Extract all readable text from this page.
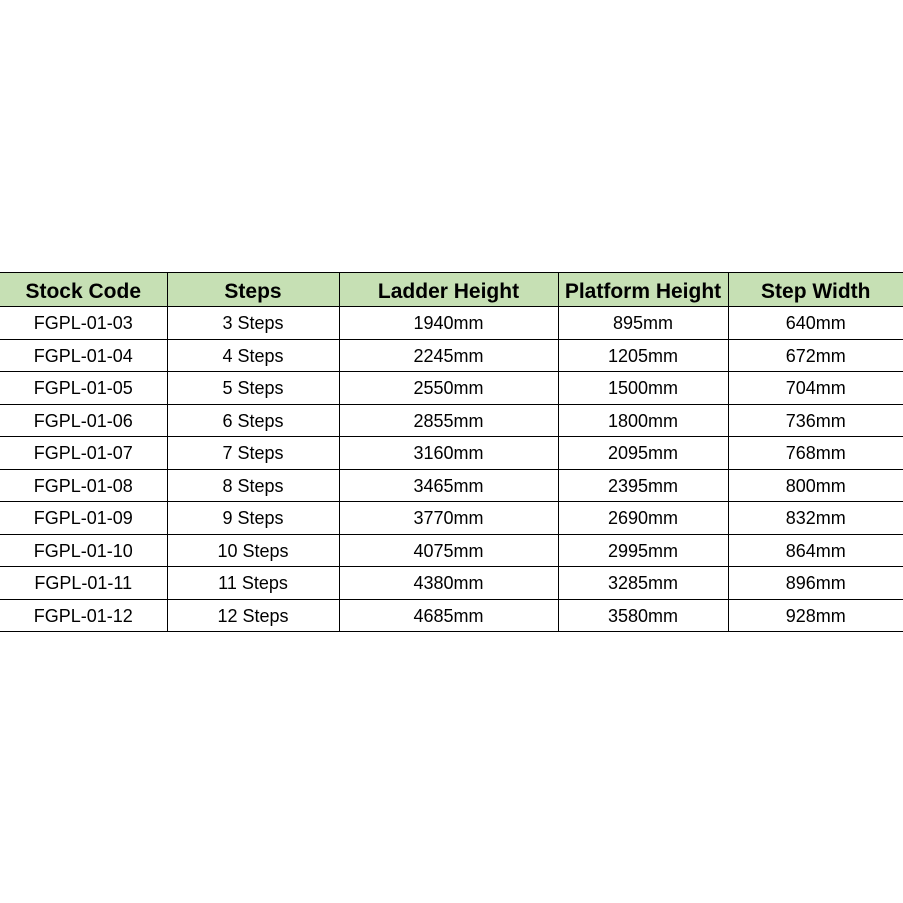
Stock Code	Steps	Ladder Height	Platform Height	Step Width
FGPL-01-03	3 Steps	1940mm	895mm	640mm
FGPL-01-04	4 Steps	2245mm	1205mm	672mm
FGPL-01-05	5 Steps	2550mm	1500mm	704mm
FGPL-01-06	6 Steps	2855mm	1800mm	736mm
FGPL-01-07	7 Steps	3160mm	2095mm	768mm
FGPL-01-08	8 Steps	3465mm	2395mm	800mm
FGPL-01-09	9 Steps	3770mm	2690mm	832mm
FGPL-01-10	10 Steps	4075mm	2995mm	864mm
FGPL-01-11	11 Steps	4380mm	3285mm	896mm
FGPL-01-12	12 Steps	4685mm	3580mm	928mm
